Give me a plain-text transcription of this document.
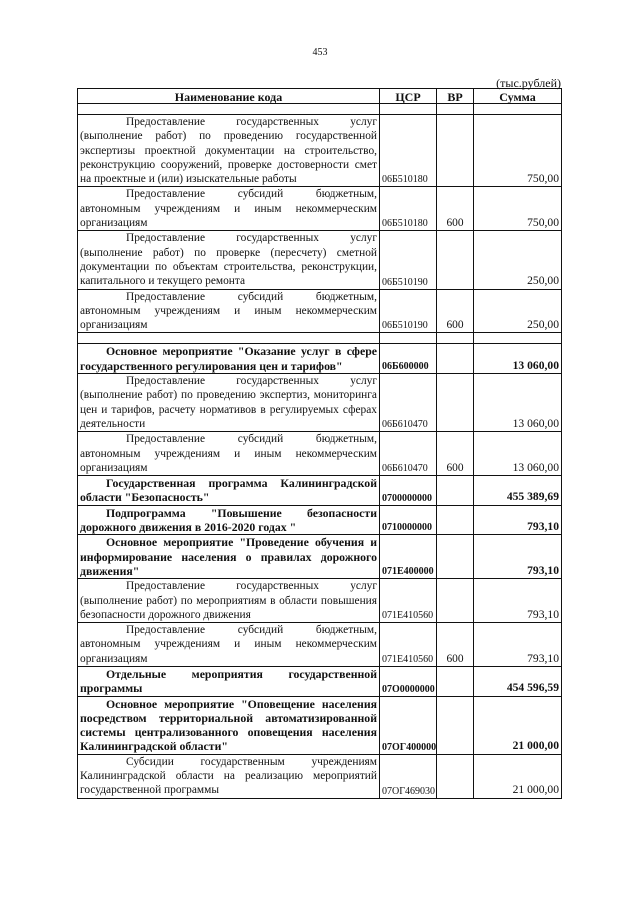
453
(тыс.рублей)
Наименование кода	ЦСР	ВР	Сумма

Предоставление государственных услуг (выполнение работ) по проведению государственной экспертизы проектной документации на строительство, реконструкцию сооружений, проверке достоверности смет на проектные и (или) изыскательные работы	06Б510180		750,00
Предоставление субсидий бюджетным, автономным учреждениям и иным некоммерческим организациям	06Б510180	600	750,00
Предоставление государственных услуг (выполнение работ) по проверке (пересчету) сметной документации по объектам строительства, реконструкции, капитального и текущего ремонта	06Б510190		250,00
Предоставление субсидий бюджетным, автономным учреждениям и иным некоммерческим организациям	06Б510190	600	250,00

Основное мероприятие "Оказание услуг в сфере государственного регулирования цен и тарифов"	06Б600000		13 060,00
Предоставление государственных услуг (выполнение работ) по проведению экспертиз, мониторинга цен и тарифов, расчету нормативов в регулируемых сферах деятельности	06Б610470		13 060,00
Предоставление субсидий бюджетным, автономным учреждениям и иным некоммерческим организациям	06Б610470	600	13 060,00
Государственная программа Калининградской области "Безопасность"	0700000000		455 389,69
Подпрограмма "Повышение безопасности дорожного движения в 2016-2020 годах "	0710000000		793,10
Основное мероприятие "Проведение обучения и информирование населения о правилах дорожного движения"	071Е400000		793,10
Предоставление государственных услуг (выполнение работ) по мероприятиям в области повышения безопасности дорожного движения	071Е410560		793,10
Предоставление субсидий бюджетным, автономным учреждениям и иным некоммерческим организациям	071Е410560	600	793,10
Отдельные мероприятия государственной программы	07О0000000		454 596,59
Основное мероприятие "Оповещение населения посредством территориальной автоматизированной системы централизованного оповещения населения Калининградской области"	07ОГ400000		21 000,00
Субсидии государственным учреждениям Калининградской области на реализацию мероприятий государственной программы	07ОГ469030		21 000,00
